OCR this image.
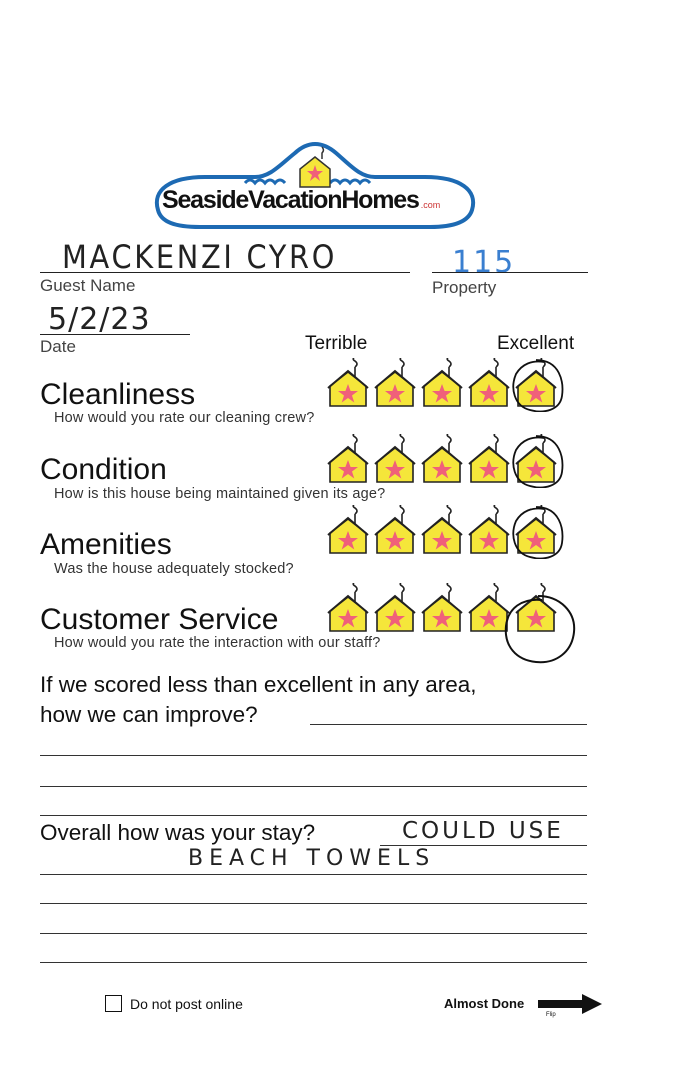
SeasideVacationHomes .com
MACKENZI CYRO
Guest Name
115
Property
5/2/23
Date	Terrible	Excellent
Cleanliness
How would you rate our cleaning crew?
Condition
How is this house being maintained given its age?
Amenities
Was the house adequately stocked?
Customer Service
How would you rate the interaction with our staff?
If we scored less than excellent in any area,
how we can improve?
Overall how was your stay?	COULD USE
BEACH TOWELS
Do not post online	Almost Done
Flip
